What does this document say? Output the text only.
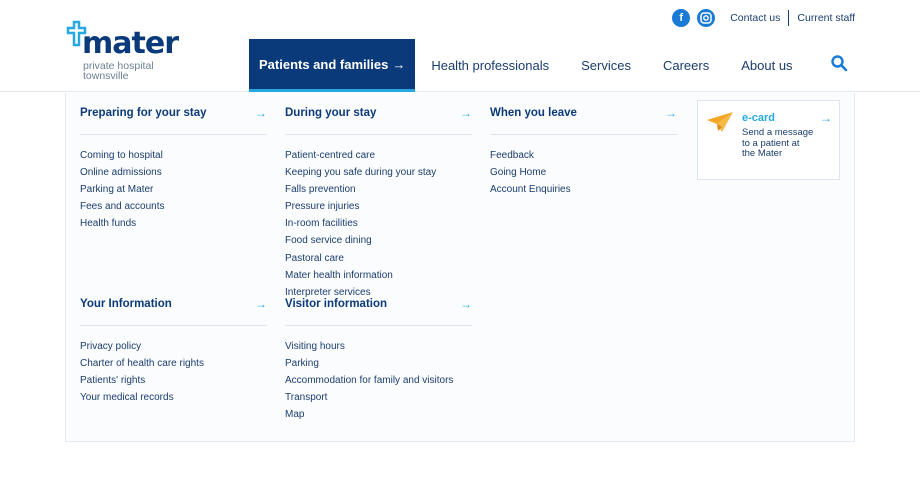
mater
private hospital
townsville
f	Contact us Current staff
Patients and families →	Health professionals	Services	Careers	About us
Preparing for your stay	→
Coming to hospital
Online admissions
Parking at Mater
Fees and accounts
Health funds
During your stay	→
Patient-centred care
Keeping you safe during your stay
Falls prevention
Pressure injuries
In-room facilities
Food service dining
Pastoral care
Mater health information
Interpreter services
When you leave	→
Feedback
Going Home
Account Enquiries
Your Information	→
Privacy policy
Charter of health care rights
Patients' rights
Your medical records
Visitor information	→
Visiting hours
Parking
Accommodation for family and visitors
Transport
Map
e-card	→
Send a message to a patient at the Mater
